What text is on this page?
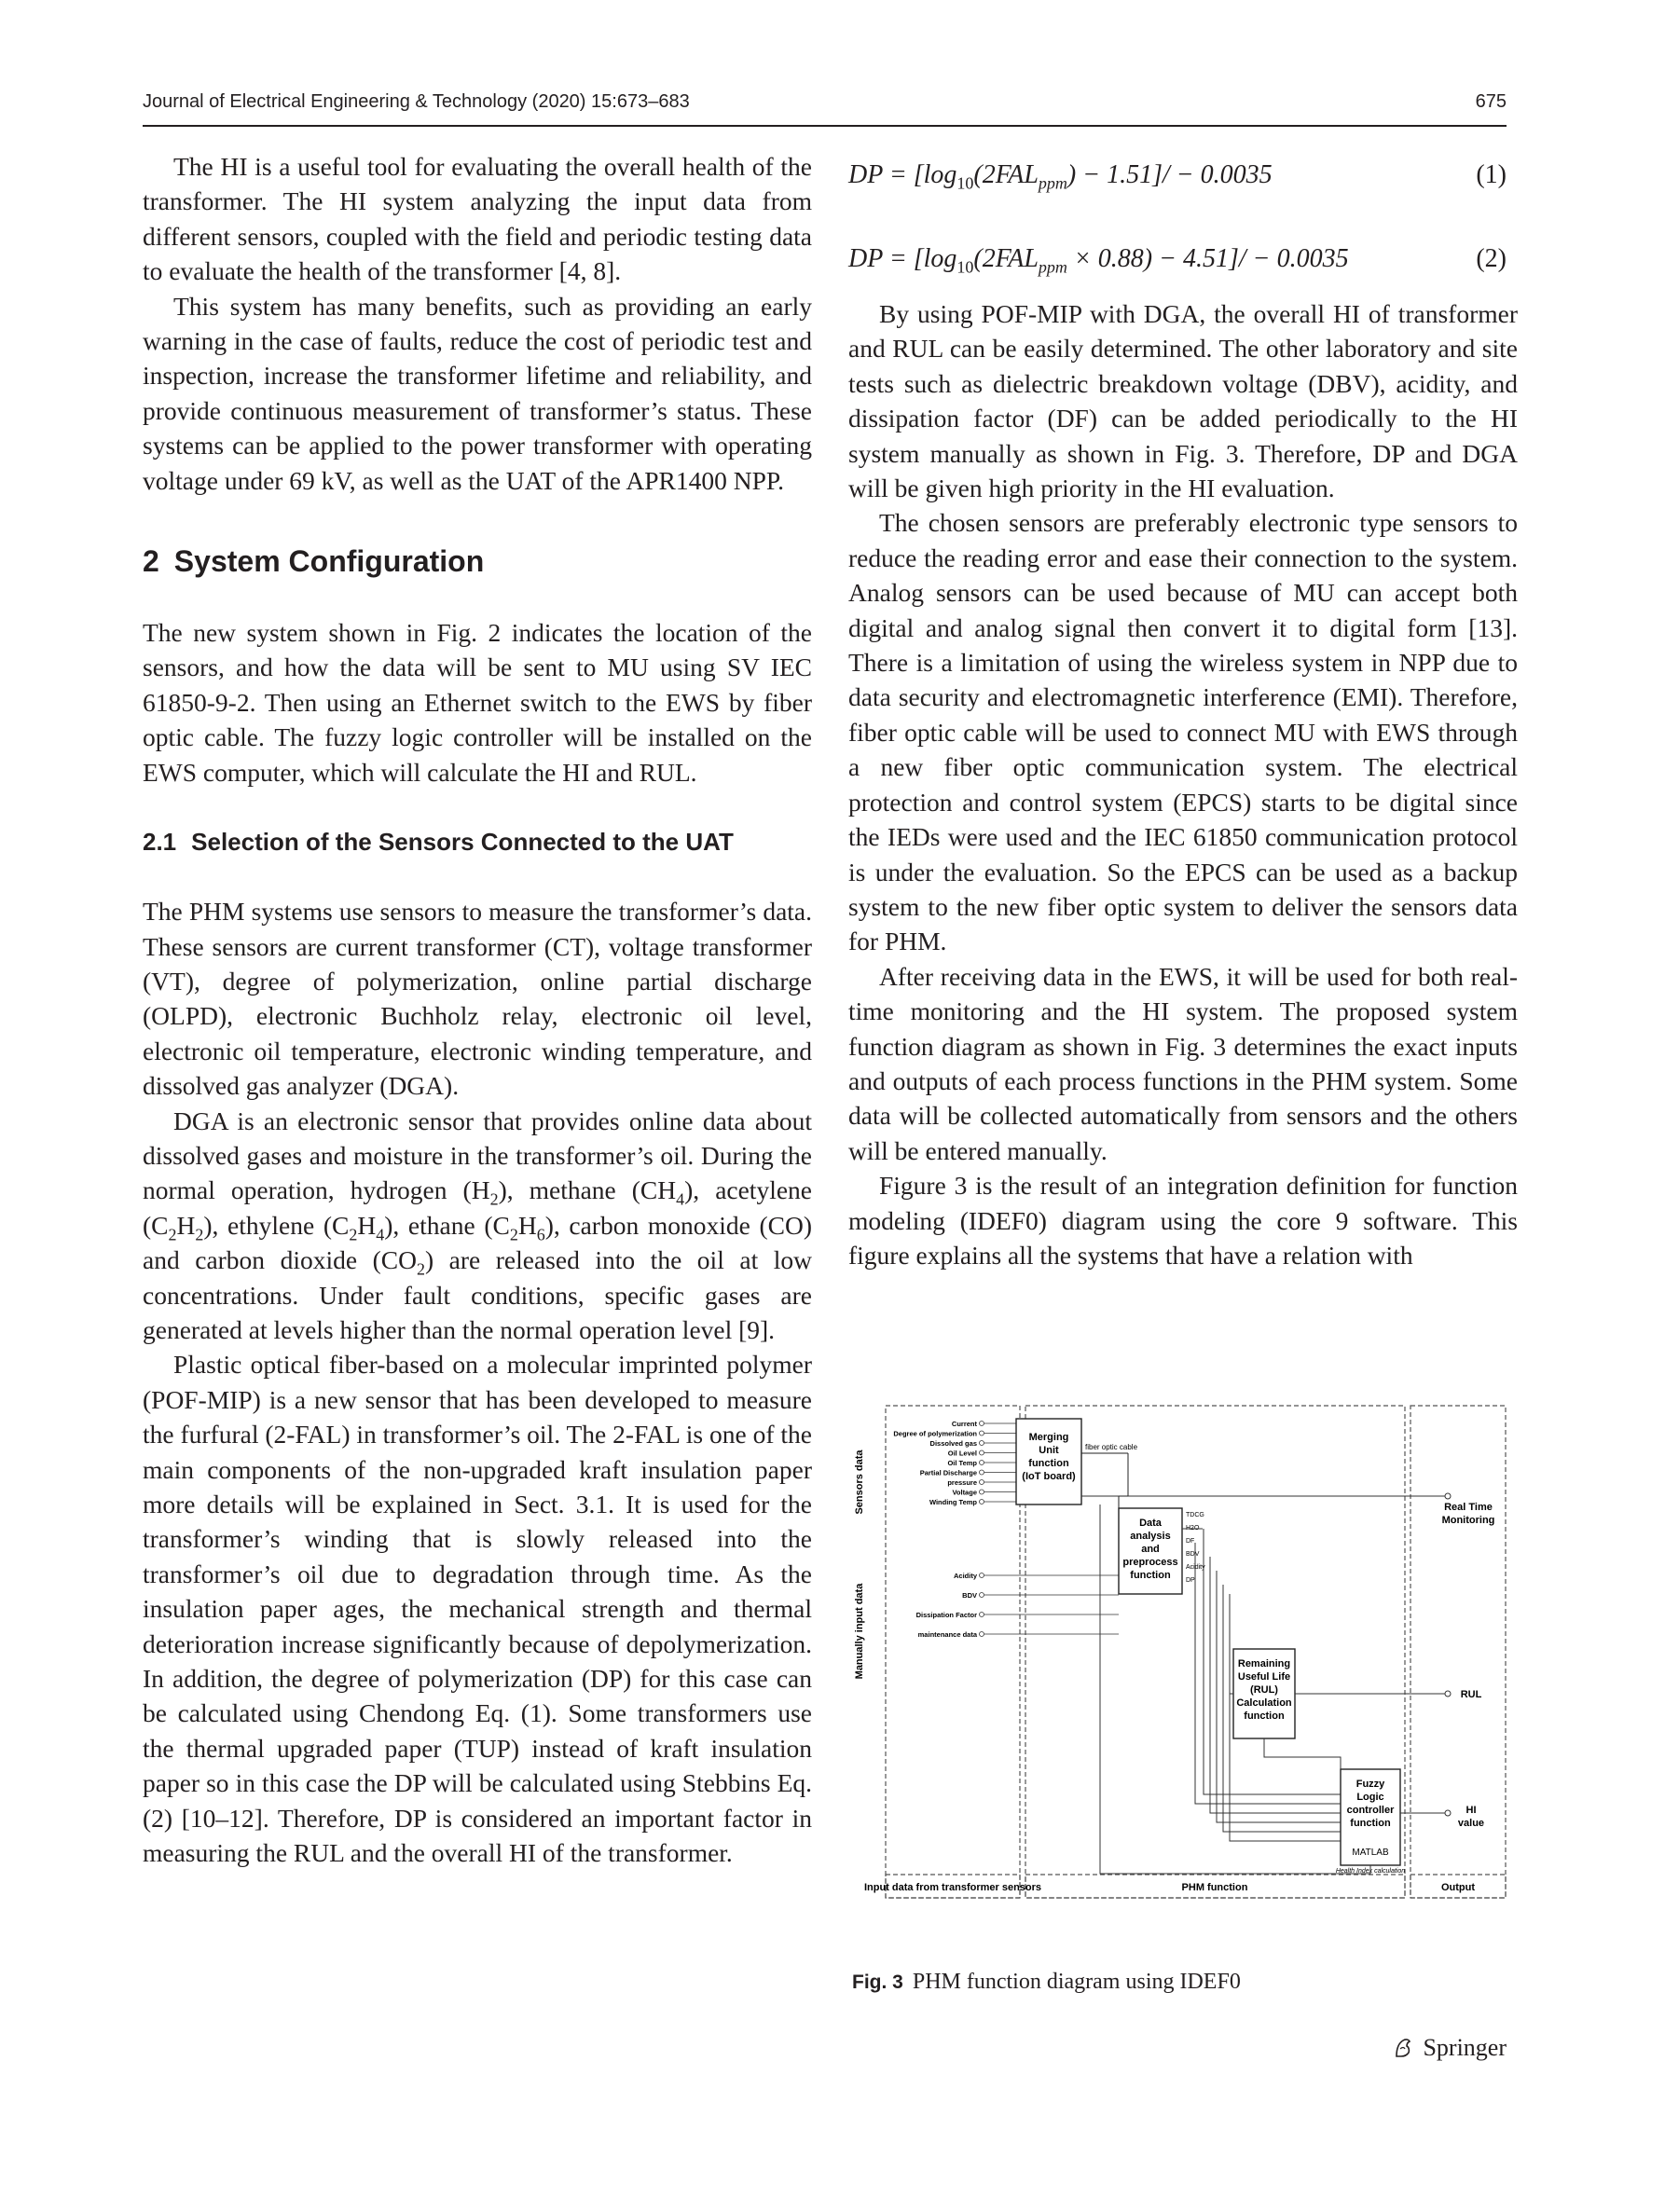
Journal of Electrical Engineering & Technology (2020) 15:673–683	675

The HI is a useful tool for evaluating the overall health of the transformer. The HI system analyzing the input data from different sensors, coupled with the field and periodic testing data to evaluate the health of the transformer [4, 8].

This system has many benefits, such as providing an early warning in the case of faults, reduce the cost of periodic test and inspection, increase the transformer lifetime and reliability, and provide continuous measurement of transformer’s status. These systems can be applied to the power transformer with operating voltage under 69 kV, as well as the UAT of the APR1400 NPP.

2 System Configuration

The new system shown in Fig. 2 indicates the location of the sensors, and how the data will be sent to MU using SV IEC 61850-9-2. Then using an Ethernet switch to the EWS by fiber optic cable. The fuzzy logic controller will be installed on the EWS computer, which will calculate the HI and RUL.

2.1 Selection of the Sensors Connected to the UAT

The PHM systems use sensors to measure the transformer’s data. These sensors are current transformer (CT), voltage transformer (VT), degree of polymerization, online partial discharge (OLPD), electronic Buchholz relay, electronic oil level, electronic oil temperature, electronic winding temperature, and dissolved gas analyzer (DGA).

DGA is an electronic sensor that provides online data about dissolved gases and moisture in the transformer’s oil. During the normal operation, hydrogen $(H_2)$, methane $(CH_4)$, acetylene $(C_2H_2)$, ethylene $(C_2H_4)$, ethane $(C_2H_6)$, carbon monoxide (CO) and carbon dioxide $(CO_2)$ are released into the oil at low concentrations. Under fault conditions, specific gases are generated at levels higher than the normal operation level [9].

Plastic optical fiber-based on a molecular imprinted polymer (POF-MIP) is a new sensor that has been developed to measure the furfural (2-FAL) in transformer’s oil. The 2-FAL is one of the main components of the non-upgraded kraft insulation paper more details will be explained in Sect. 3.1. It is used for the transformer’s winding that is slowly released into the transformer’s oil due to degradation through time. As the insulation paper ages, the mechanical strength and thermal deterioration increase significantly because of depolymerization. In addition, the degree of polymerization (DP) for this case can be calculated using Chendong Eq. (1). Some transformers use the thermal upgraded paper (TUP) instead of kraft insulation paper so in this case the DP will be calculated using Stebbins Eq. (2) [10–12]. Therefore, DP is considered an important factor in measuring the RUL and the overall HI of the transformer.

DP = $[\log_{10}(2FAL_{ppm}) - 1.51]/ - 0.0035$	(1)
DP = $[\log_{10}(2FAL_{ppm} \times 0.88) - 4.51]/ - 0.0035$	(2)

By using POF-MIP with DGA, the overall HI of transformer and RUL can be easily determined. The other laboratory and site tests such as dielectric breakdown voltage (DBV), acidity, and dissipation factor (DF) can be added periodically to the HI system manually as shown in Fig. 3. Therefore, DP and DGA will be given high priority in the HI evaluation.

The chosen sensors are preferably electronic type sensors to reduce the reading error and ease their connection to the system. Analog sensors can be used because of MU can accept both digital and analog signal then convert it to digital form [13]. There is a limitation of using the wireless system in NPP due to data security and electromagnetic interference (EMI). Therefore, fiber optic cable will be used to connect MU with EWS through a new fiber optic communication system. The electrical protection and control system (EPCS) starts to be digital since the IEDs were used and the IEC 61850 communication protocol is under the evaluation. So the EPCS can be used as a backup system to the new fiber optic system to deliver the sensors data for PHM.

After receiving data in the EWS, it will be used for both real-time monitoring and the HI system. The proposed system function diagram as shown in Fig. 3 determines the exact inputs and outputs of each process functions in the PHM system. Some data will be collected automatically from sensors and the others will be entered manually.

Figure 3 is the result of an integration definition for function modeling (IDEF0) diagram using the core 9 software. This figure explains all the systems that have a relation with

Sensors data
Manually input data
Current
Degree of polymerization
Dissolved gas
Oil Level
Oil Temp
Partial Discharge
pressure
Voltage
Winding Temp
Acidity
BDV
Dissipation Factor
maintenance data
Merging
Unit
function
(IoT board)
fiber optic cable
Data
analysis
and
preprocess
function
TDCG
H2O
DF
BDV
Acidity
DP
Remaining
Useful Life
(RUL)
Calculation
function
Fuzzy
Logic
controller
function
MATLAB
Health Index calculation
Real Time
Monitoring
RUL
HI
value
Input data from transformer sensors	PHM function	Output
Fig. 3 PHM function diagram using IDEF0
Springer
